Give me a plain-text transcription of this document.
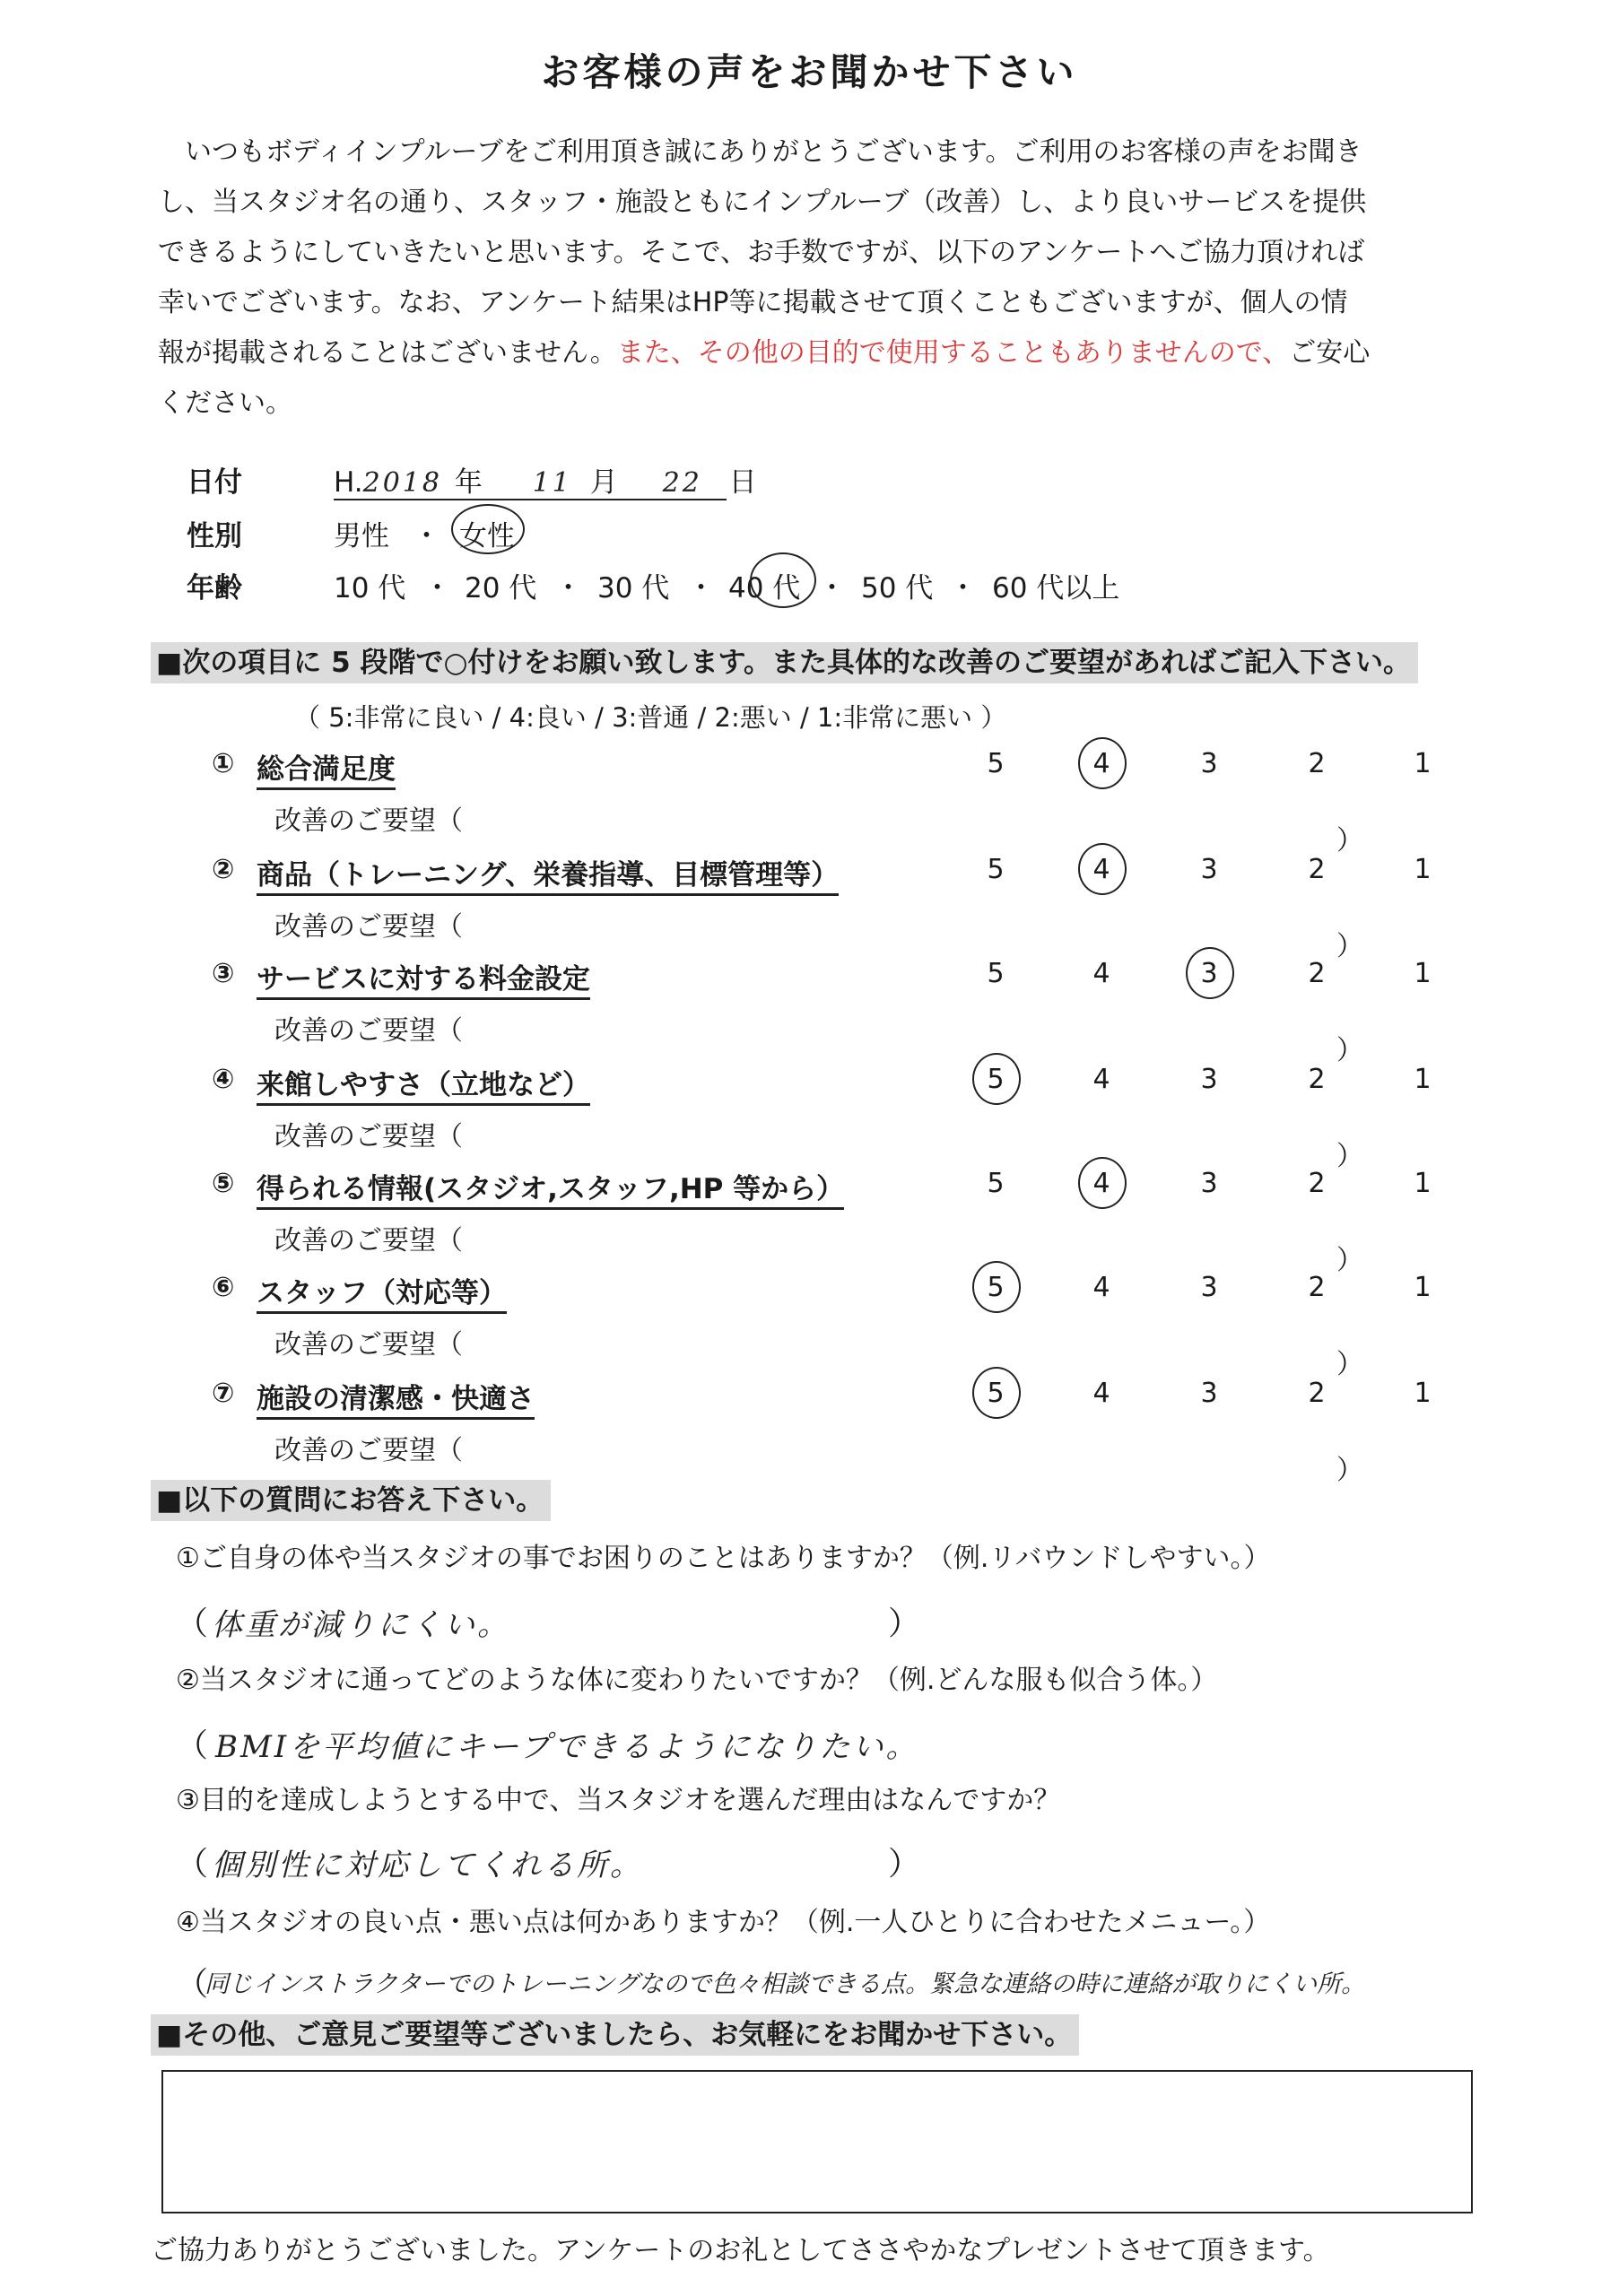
お客様の声をお聞かせ下さい
いつもボディインプルーブをご利用頂き誠にありがとうございます。ご利用のお客様の声をお聞き
し、当スタジオ名の通り、スタッフ・施設ともにインプルーブ（改善）し、より良いサービスを提供
できるようにしていきたいと思います。そこで、お手数ですが、以下のアンケートへご協力頂ければ
幸いでございます。なお、アンケート結果はHP等に掲載させて頂くこともございますが、個人の情
報が掲載されることはございません。また、その他の目的で使用することもありませんので、ご安心
ください。
日付	H.2018 年 11 月 22 日
性別	男性 ・ 女性
年齢	10 代 ・ 20 代 ・ 30 代 ・ 40 代 ・ 50 代 ・ 60 代以上
■次の項目に 5 段階で○付けをお願い致します。また具体的な改善のご要望があればご記入下さい。
（ 5:非常に良い / 4:良い / 3:普通 / 2:悪い / 1:非常に悪い ）
① 総合満足度	5	4	3	2	1
改善のご要望（
）
② 商品（トレーニング、栄養指導、目標管理等）	5	4	3	2	1
改善のご要望（
）
③ サービスに対する料金設定	5	4	3	2	1
改善のご要望（
）
④ 来館しやすさ（立地など）	5	4	3	2	1
改善のご要望（
）
⑤ 得られる情報(スタジオ,スタッフ,HP 等から）	5	4	3	2	1
改善のご要望（
）
⑥ スタッフ（対応等）	5	4	3	2	1
改善のご要望（
）
⑦ 施設の清潔感・快適さ	5	4	3	2	1
改善のご要望（
）
■以下の質問にお答え下さい。
①ご自身の体や当スタジオの事でお困りのことはありますか？（例.リバウンドしやすい。）
（ 体重が減りにくい。	）
②当スタジオに通ってどのような体に変わりたいですか？（例.どんな服も似合う体。）
（ BMIを平均値にキープできるようになりたい。
③目的を達成しようとする中で、当スタジオを選んだ理由はなんですか？
（ 個別性に対応してくれる所。	）
④当スタジオの良い点・悪い点は何かありますか？（例.一人ひとりに合わせたメニュー。）
（
同じインストラクターでのトレーニングなので色々相談できる点。緊急な連絡の時に連絡が取りにくい所。
■その他、ご意見ご要望等ございましたら、お気軽にをお聞かせ下さい。
ご協力ありがとうございました。アンケートのお礼としてささやかなプレゼントさせて頂きます。
